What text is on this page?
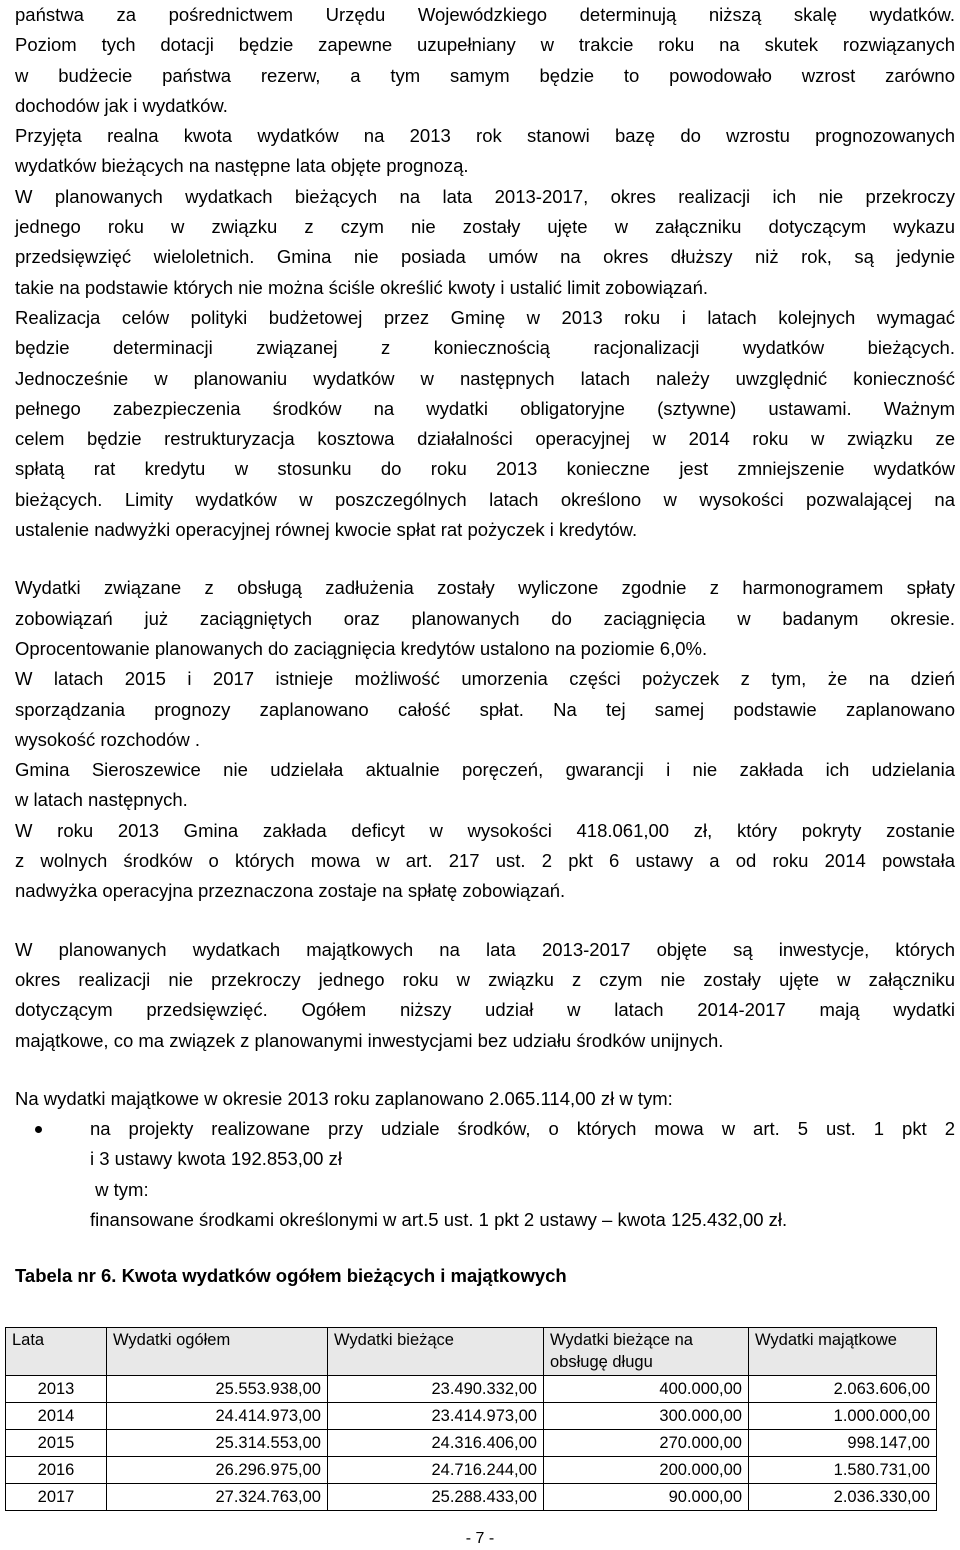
państwa za pośrednictwem Urzędu Wojewódzkiego determinują niższą skalę wydatków.
Poziom tych dotacji będzie zapewne uzupełniany w trakcie roku na skutek rozwiązanych
w budżecie państwa rezerw, a tym samym będzie to powodowało wzrost zarówno
dochodów jak i wydatków.
Przyjęta realna kwota wydatków na 2013 rok stanowi bazę do wzrostu prognozowanych
wydatków bieżących na następne lata objęte prognozą.
W planowanych wydatkach bieżących na lata 2013-2017, okres realizacji ich nie przekroczy
jednego roku w związku z czym nie zostały ujęte w załączniku dotyczącym wykazu
przedsięwzięć wieloletnich. Gmina nie posiada umów na okres dłuższy niż rok, są jedynie
takie na podstawie których nie można ściśle określić kwoty i ustalić limit zobowiązań.
Realizacja celów polityki budżetowej przez Gminę w 2013 roku i latach kolejnych wymagać
będzie determinacji związanej z koniecznością racjonalizacji wydatków bieżących.
Jednocześnie w planowaniu wydatków w następnych latach należy uwzględnić konieczność
pełnego zabezpieczenia środków na wydatki obligatoryjne (sztywne) ustawami. Ważnym
celem będzie restrukturyzacja kosztowa działalności operacyjnej w 2014 roku w związku ze
spłatą rat kredytu w stosunku do roku 2013 konieczne jest zmniejszenie wydatków
bieżących. Limity wydatków w poszczególnych latach określono w wysokości pozwalającej na
ustalenie nadwyżki operacyjnej równej kwocie spłat rat pożyczek i kredytów.
Wydatki związane z obsługą zadłużenia zostały wyliczone zgodnie z harmonogramem spłaty
zobowiązań już zaciągniętych oraz planowanych do zaciągnięcia w badanym okresie.
Oprocentowanie planowanych do zaciągnięcia kredytów ustalono na poziomie 6,0%.
W latach 2015 i 2017 istnieje możliwość umorzenia części pożyczek z tym, że na dzień
sporządzania prognozy zaplanowano całość spłat. Na tej samej podstawie zaplanowano
wysokość rozchodów .
Gmina Sieroszewice nie udzielała aktualnie poręczeń, gwarancji i nie zakłada ich udzielania
w latach następnych.
W roku 2013 Gmina zakłada deficyt w wysokości 418.061,00 zł, który pokryty zostanie
z wolnych środków o których mowa w art. 217 ust. 2 pkt 6 ustawy a od roku 2014 powstała
nadwyżka operacyjna przeznaczona zostaje na spłatę zobowiązań.
W planowanych wydatkach majątkowych na lata 2013-2017 objęte są inwestycje, których
okres realizacji nie przekroczy jednego roku w związku z czym nie zostały ujęte w załączniku
dotyczącym przedsięwzięć. Ogółem niższy udział w latach 2014-2017 mają wydatki
majątkowe, co ma związek z planowanymi inwestycjami bez udziału środków unijnych.
Na wydatki majątkowe w okresie 2013 roku zaplanowano 2.065.114,00 zł w tym:
na projekty realizowane przy udziale środków, o których mowa w art. 5 ust. 1 pkt 2
i 3 ustawy kwota 192.853,00 zł
w tym:
finansowane środkami określonymi w art.5 ust. 1 pkt 2 ustawy – kwota 125.432,00 zł.
Tabela nr 6. Kwota wydatków ogółem bieżących i majątkowych
Lata	Wydatki ogółem	Wydatki bieżące	Wydatki bieżące na obsługę długu	Wydatki majątkowe
2013	25.553.938,00	23.490.332,00	400.000,00	2.063.606,00
2014	24.414.973,00	23.414.973,00	300.000,00	1.000.000,00
2015	25.314.553,00	24.316.406,00	270.000,00	998.147,00
2016	26.296.975,00	24.716.244,00	200.000,00	1.580.731,00
2017	27.324.763,00	25.288.433,00	90.000,00	2.036.330,00
- 7 -
